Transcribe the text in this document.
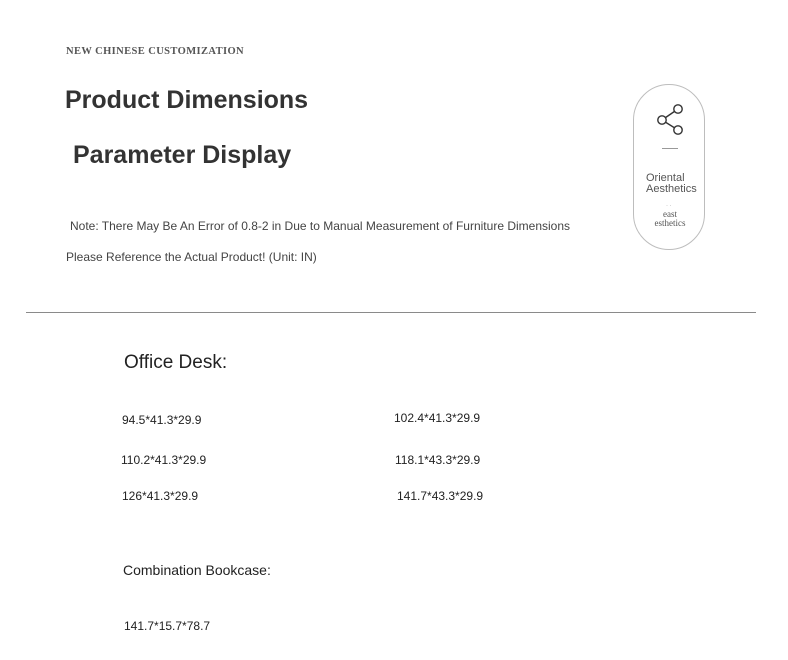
NEW CHINESE CUSTOMIZATION
Product Dimensions
Parameter Display
Note: There May Be An Error of 0.8-2 in Due to Manual Measurement of Furniture Dimensions
Please Reference the Actual Product! (Unit: IN)
Oriental Aesthetics
· ·
east
esthetics
Office Desk:
94.5*41.3*29.9	102.4*41.3*29.9
110.2*41.3*29.9	118.1*43.3*29.9
126*41.3*29.9	141.7*43.3*29.9
Combination Bookcase:
141.7*15.7*78.7
